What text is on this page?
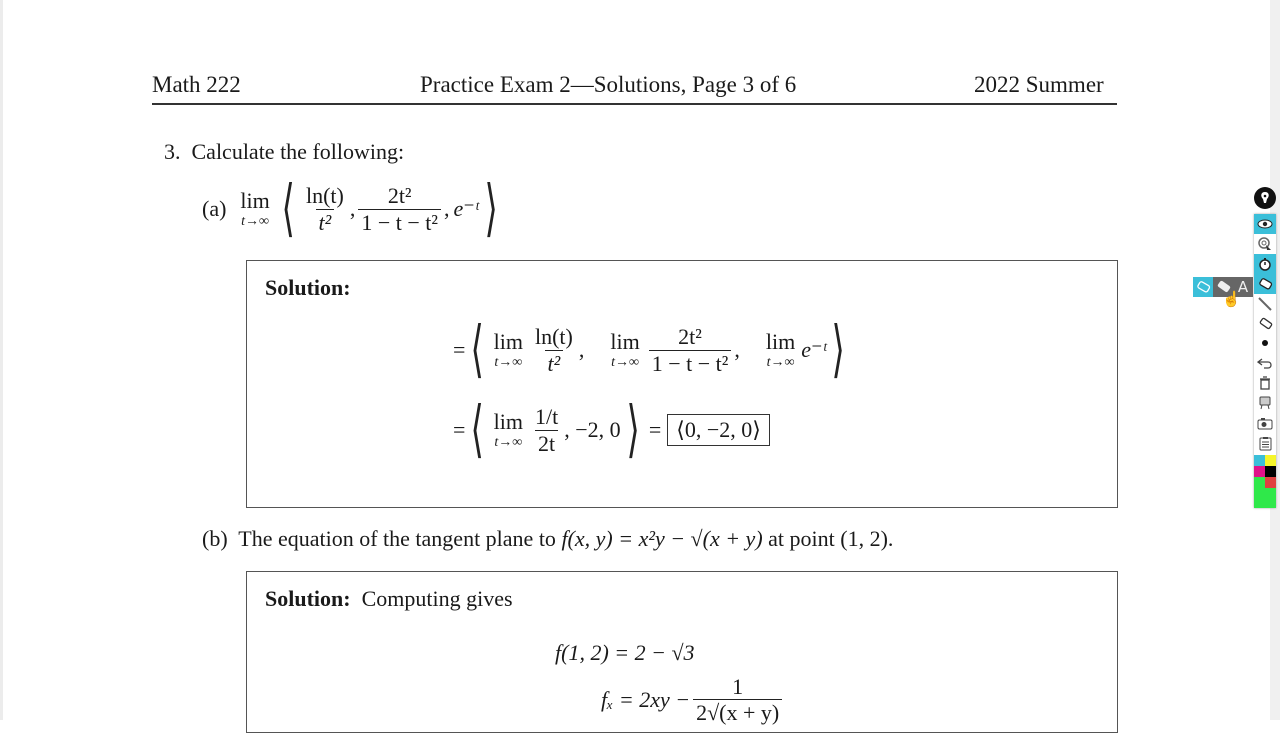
Math 222	Practice Exam 2—Solutions, Page 3 of 6	2022 Summer
3. Calculate the following:
(a) lim
t→∞ ⟨ $\frac{\ln(t)}{\text{t²}}$ , $\frac{\text{2t²}}{\text{1 − t − t²}}$ , e⁻ᵗ ⟩
Solution:
= ⟨ lim
$t\to\infty \frac{\ln(t)}{\text{t²}}$ , lim
$t\to\infty \frac{\text{2t²}}{\text{1 − t − t²}}$ , lim
t→∞ e⁻ᵗ ⟩
= ⟨ lim
$t\to\infty \frac{1/t}{2t}$ , −2, 0 ⟩ = ⟨0, −2, 0⟩
(b) The equation of the tangent plane to f(x, y) = x²y − √(x + y) at point (1, 2).
Solution: Computing gives
f(1, 2) = 2 − √3
$f_x = 2xy - \frac{1}{2√(x + y)}$
A
☝
